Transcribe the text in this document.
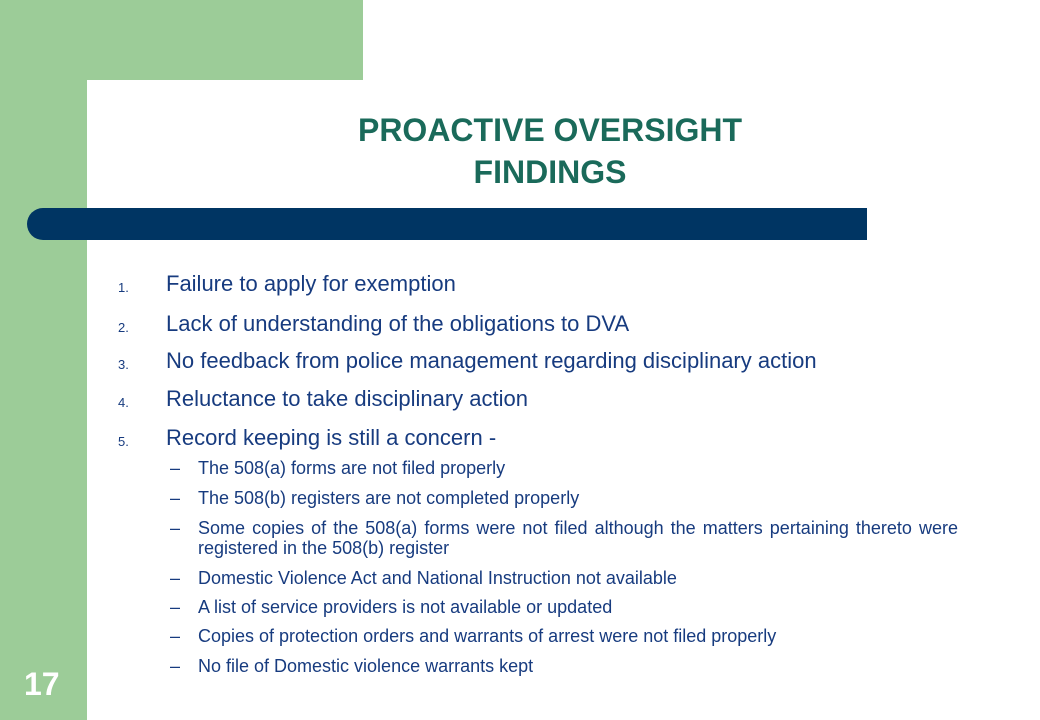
PROACTIVE OVERSIGHT
FINDINGS
1. Failure to apply for exemption
2. Lack of understanding of the obligations to DVA
3. No feedback from police management regarding disciplinary action
4. Reluctance to take disciplinary action
5. Record keeping is still a concern -
– The 508(a) forms are not filed properly
– The 508(b) registers are not completed properly
– Some copies of the 508(a) forms were not filed although the matters pertaining thereto were registered in the 508(b) register
– Domestic Violence Act and National Instruction not available
– A list of service providers is not available or updated
– Copies of protection orders and warrants of arrest were not filed properly
– No file of Domestic violence warrants kept
17
